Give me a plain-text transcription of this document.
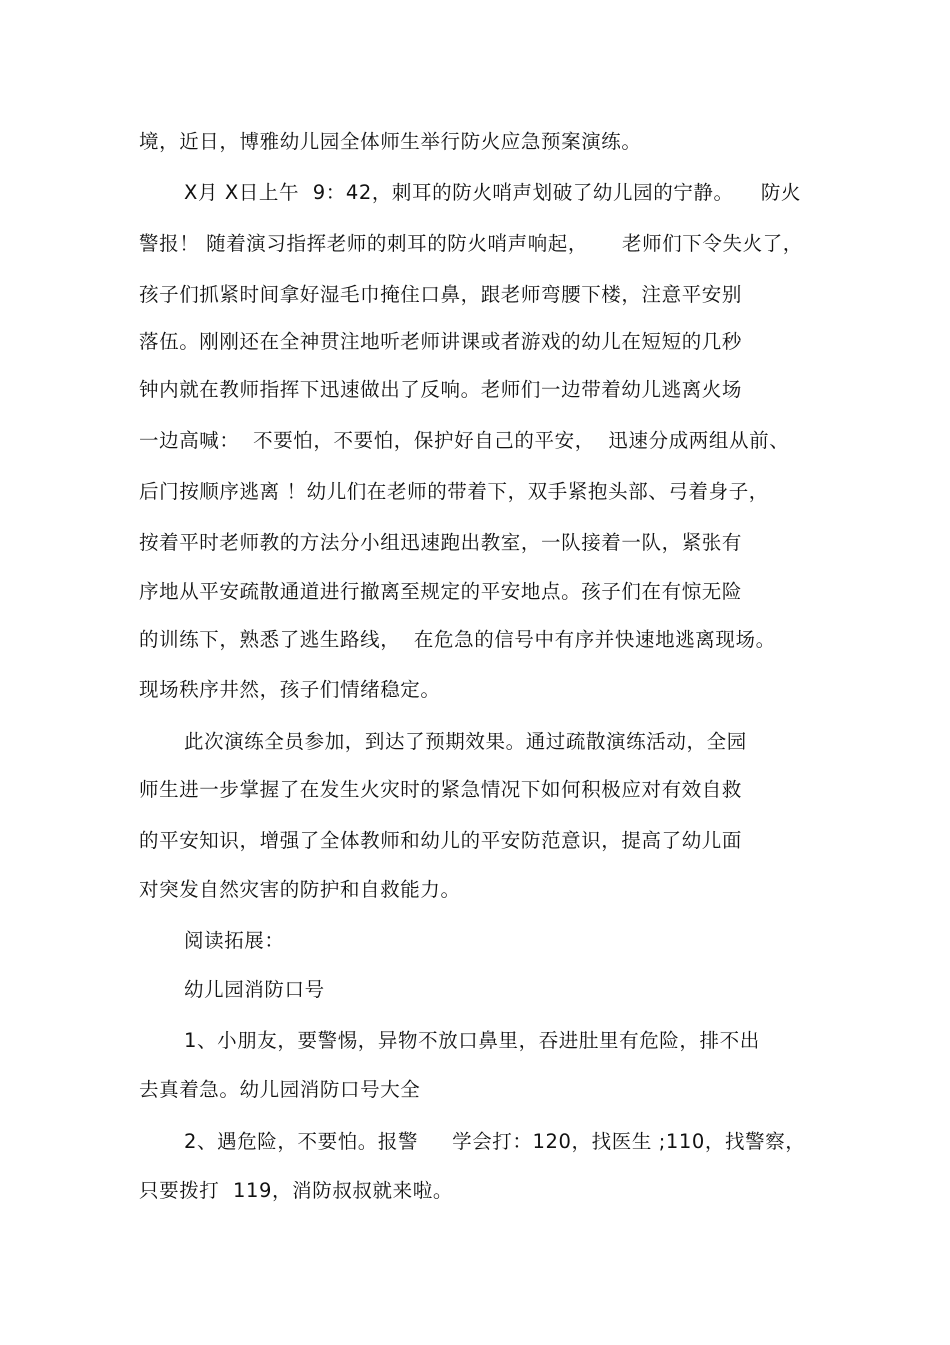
境，近日，博雅幼儿园全体师生举行防火应急预案演练。
X月 X日上午  9：42，刺耳的防火哨声划破了幼儿园的宁静。    防火
警报！ 随着演习指挥老师的刺耳的防火哨声响起，     老师们下令失火了，
孩子们抓紧时间拿好湿毛巾掩住口鼻，跟老师弯腰下楼，注意平安别
落伍。刚刚还在全神贯注地听老师讲课或者游戏的幼儿在短短的几秒
钟内就在教师指挥下迅速做出了反响。老师们一边带着幼儿逃离火场
一边高喊：  不要怕，不要怕，保护好自己的平安，  迅速分成两组从前、
后门按顺序逃离 ！幼儿们在老师的带着下，双手紧抱头部、弓着身子，
按着平时老师教的方法分小组迅速跑出教室，一队接着一队，紧张有
序地从平安疏散通道进行撤离至规定的平安地点。孩子们在有惊无险
的训练下，熟悉了逃生路线，  在危急的信号中有序并快速地逃离现场。
现场秩序井然，孩子们情绪稳定。
此次演练全员参加，到达了预期效果。通过疏散演练活动，全园
师生进一步掌握了在发生火灾时的紧急情况下如何积极应对有效自救
的平安知识，增强了全体教师和幼儿的平安防范意识，提高了幼儿面
对突发自然灾害的防护和自救能力。
阅读拓展：
幼儿园消防口号
1、小朋友，要警惕，异物不放口鼻里，吞进肚里有危险，排不出
去真着急。幼儿园消防口号大全
2、遇危险，不要怕。报警     学会打：120，找医生 ;110，找警察，
只要拨打  119，消防叔叔就来啦。
